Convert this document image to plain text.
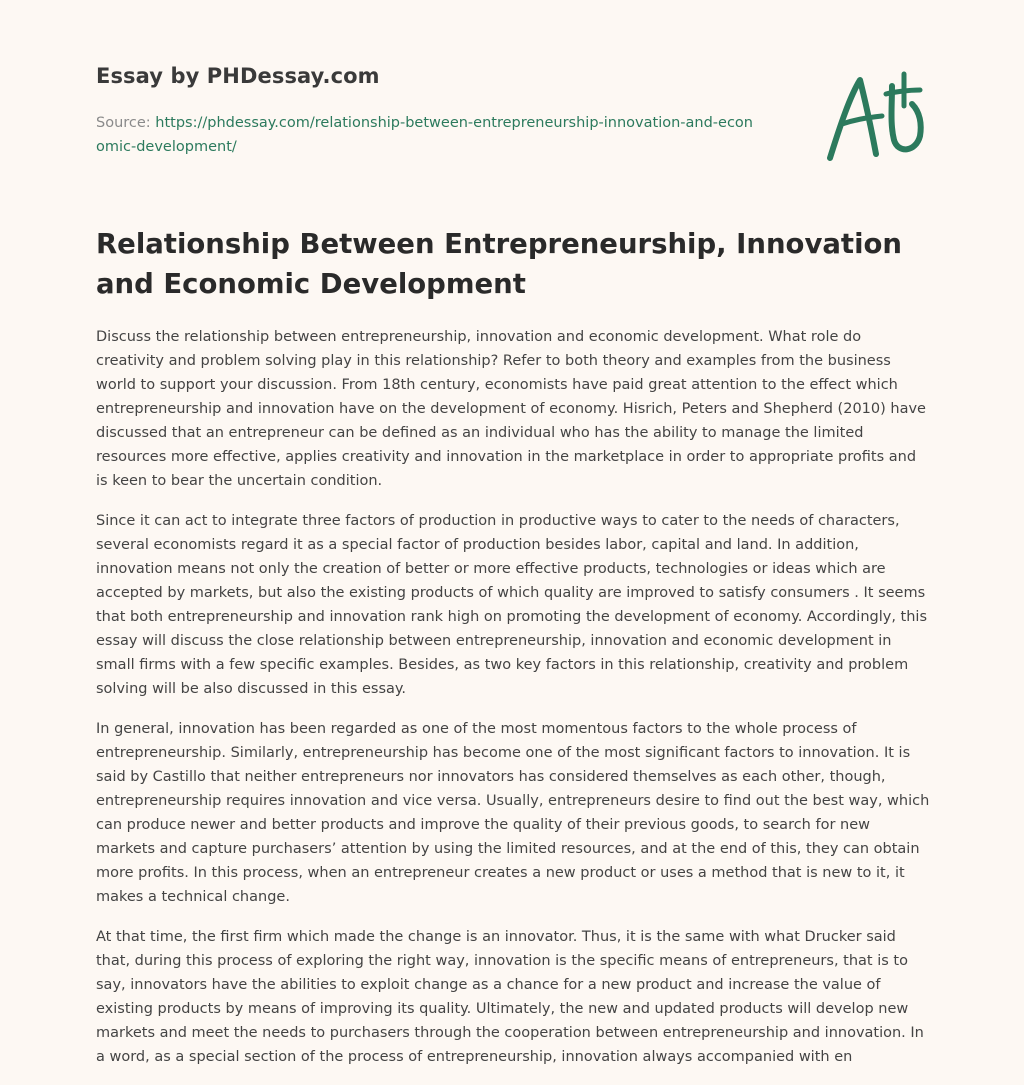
Essay by PHDessay.com
Source: https://phdessay.com/relationship-between-entrepreneurship-innovation-and-economic-development/
Relationship Between Entrepreneurship, Innovation and Economic Development

Discuss the relationship between entrepreneurship, innovation and economic development. What role do creativity and problem solving play in this relationship? Refer to both theory and examples from the business world to support your discussion. From 18th century, economists have paid great attention to the effect which entrepreneurship and innovation have on the development of economy. Hisrich, Peters and Shepherd (2010) have discussed that an entrepreneur can be defined as an individual who has the ability to manage the limited resources more effective, applies creativity and innovation in the marketplace in order to appropriate profits and is keen to bear the uncertain condition.

Since it can act to integrate three factors of production in productive ways to cater to the needs of characters, several economists regard it as a special factor of production besides labor, capital and land. In addition, innovation means not only the creation of better or more effective products, technologies or ideas which are accepted by markets, but also the existing products of which quality are improved to satisfy consumers . It seems that both entrepreneurship and innovation rank high on promoting the development of economy. Accordingly, this essay will discuss the close relationship between entrepreneurship, innovation and economic development in small firms with a few specific examples. Besides, as two key factors in this relationship, creativity and problem solving will be also discussed in this essay.

In general, innovation has been regarded as one of the most momentous factors to the whole process of entrepreneurship. Similarly, entrepreneurship has become one of the most significant factors to innovation. It is said by Castillo that neither entrepreneurs nor innovators has considered themselves as each other, though, entrepreneurship requires innovation and vice versa. Usually, entrepreneurs desire to find out the best way, which can produce newer and better products and improve the quality of their previous goods, to search for new markets and capture purchasers’ attention by using the limited resources, and at the end of this, they can obtain more profits. In this process, when an entrepreneur creates a new product or uses a method that is new to it, it makes a technical change.

At that time, the first firm which made the change is an innovator. Thus, it is the same with what Drucker said that, during this process of exploring the right way, innovation is the specific means of entrepreneurs, that is to say, innovators have the abilities to exploit change as a chance for a new product and increase the value of existing products by means of improving its quality. Ultimately, the new and updated products will develop new markets and meet the needs to purchasers through the cooperation between entrepreneurship and innovation. In a word, as a special section of the process of entrepreneurship, innovation always accompanied with en
